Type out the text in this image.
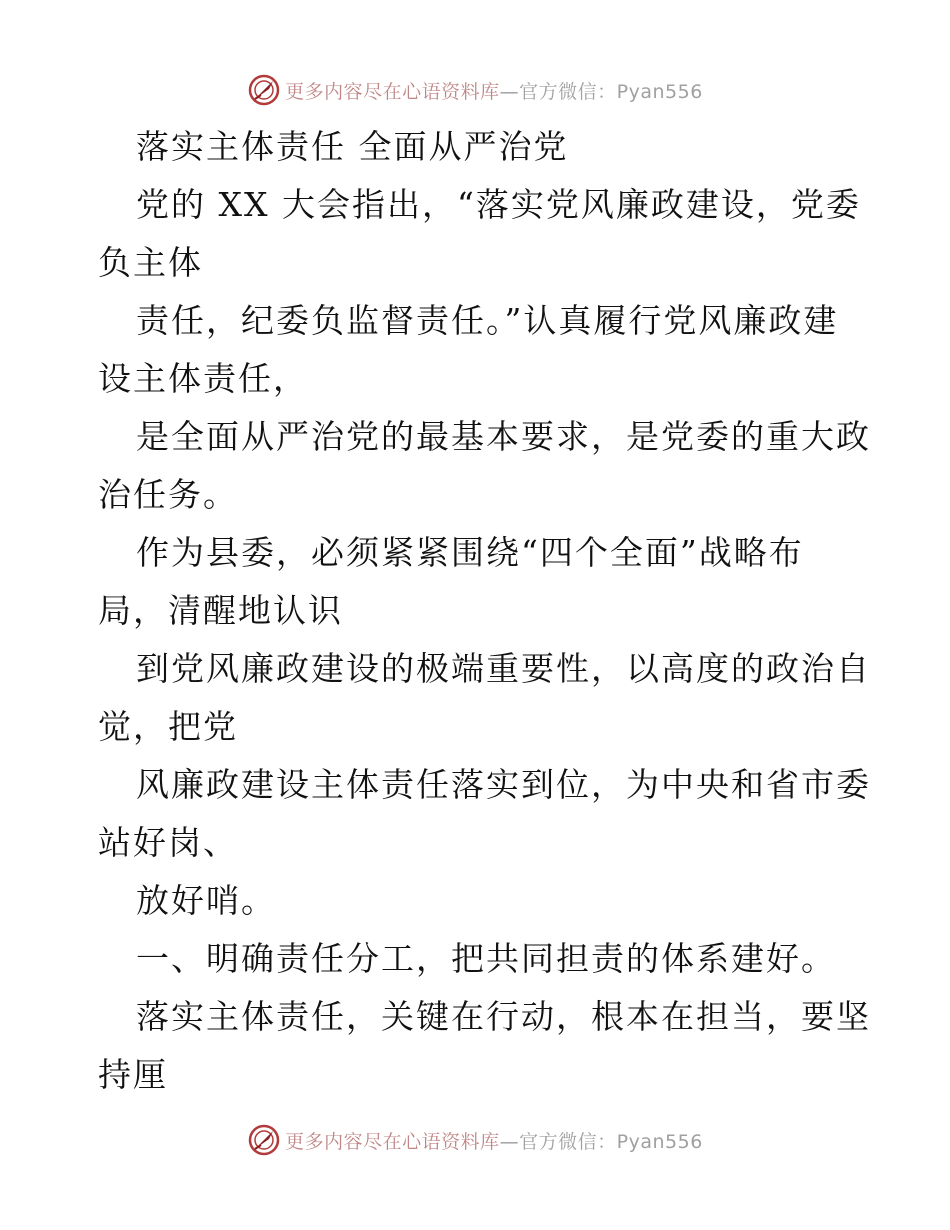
更多内容尽在心语资料库—官方微信：Pyan556
落实主体责任 全面从严治党
党的 XX 大会指出，“落实党风廉政建设，党委
负主体
责任，纪委负监督责任。”认真履行党风廉政建
设主体责任，
是全面从严治党的最基本要求，是党委的重大政
治任务。
作为县委，必须紧紧围绕“四个全面”战略布
局，清醒地认识
到党风廉政建设的极端重要性，以高度的政治自
觉，把党
风廉政建设主体责任落实到位，为中央和省市委
站好岗、
放好哨。
一、明确责任分工，把共同担责的体系建好。
落实主体责任，关键在行动，根本在担当，要坚
持厘
更多内容尽在心语资料库—官方微信：Pyan556
